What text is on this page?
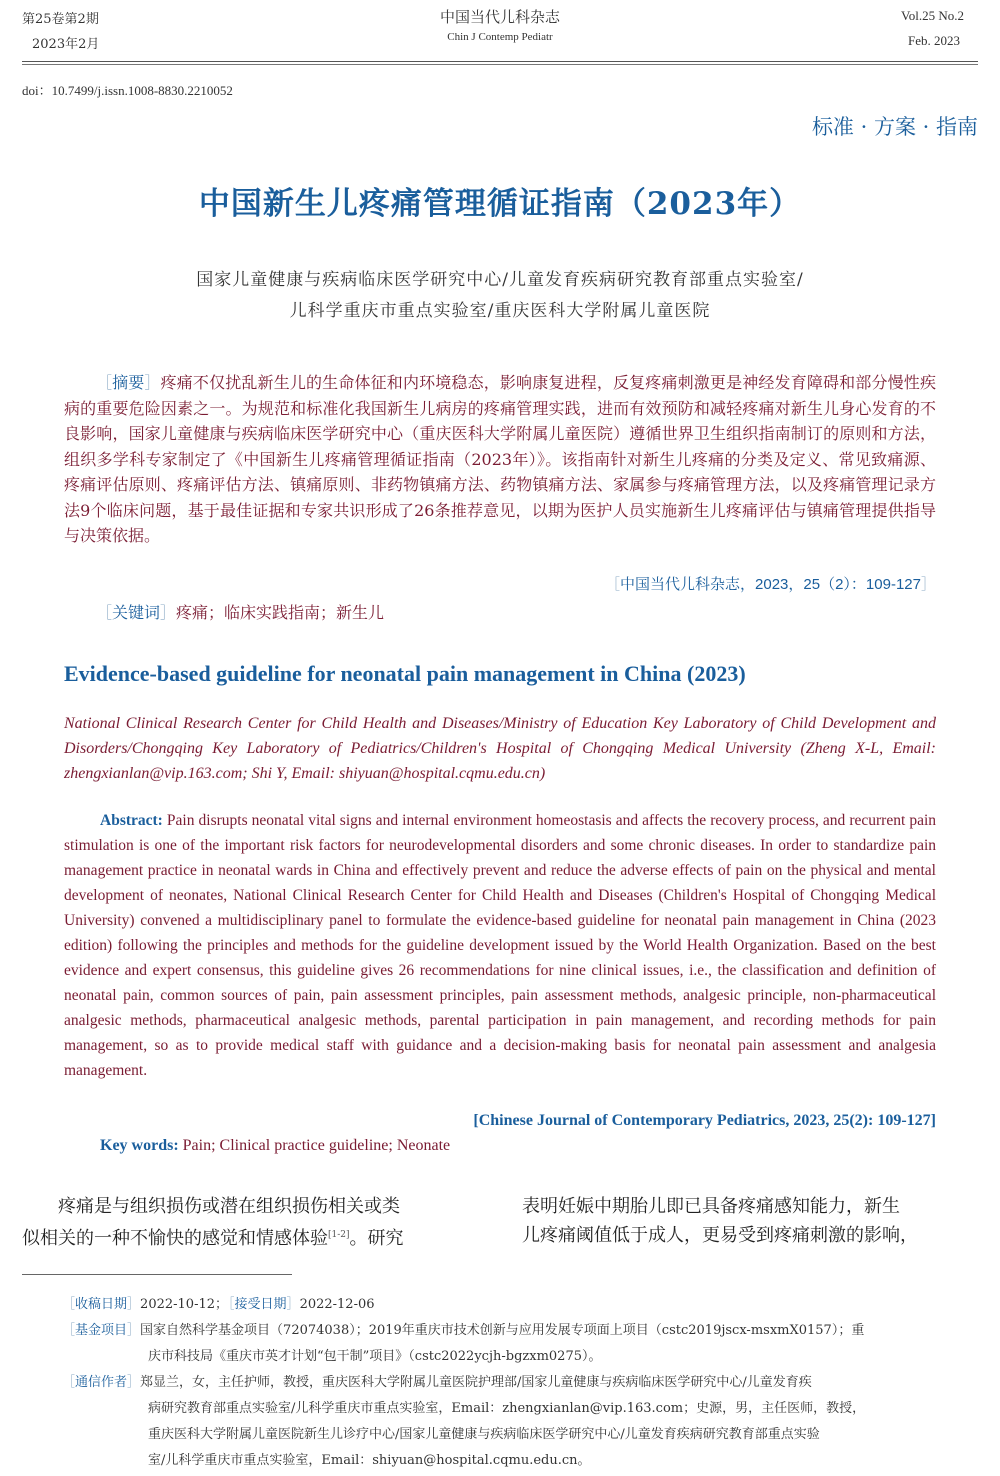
第25卷第2期
2023年2月
中国当代儿科杂志
Chin J Contemp Pediatr
Vol.25 No.2
Feb. 2023
doi：10.7499/j.issn.1008-8830.2210052
标准 · 方案 · 指南
中国新生儿疼痛管理循证指南（2023年）
国家儿童健康与疾病临床医学研究中心/儿童发育疾病研究教育部重点实验室/
儿科学重庆市重点实验室/重庆医科大学附属儿童医院
［摘要］疼痛不仅扰乱新生儿的生命体征和内环境稳态，影响康复进程，反复疼痛刺激更是神经发育障碍和部分慢性疾病的重要危险因素之一。为规范和标准化我国新生儿病房的疼痛管理实践，进而有效预防和减轻疼痛对新生儿身心发育的不良影响，国家儿童健康与疾病临床医学研究中心（重庆医科大学附属儿童医院）遵循世界卫生组织指南制订的原则和方法，组织多学科专家制定了《中国新生儿疼痛管理循证指南（2023年）》。该指南针对新生儿疼痛的分类及定义、常见致痛源、疼痛评估原则、疼痛评估方法、镇痛原则、非药物镇痛方法、药物镇痛方法、家属参与疼痛管理方法，以及疼痛管理记录方法9个临床问题，基于最佳证据和专家共识形成了26条推荐意见，以期为医护人员实施新生儿疼痛评估与镇痛管理提供指导与决策依据。
［中国当代儿科杂志，2023，25（2）：109-127］
［关键词］疼痛；临床实践指南；新生儿
Evidence-based guideline for neonatal pain management in China (2023)
National Clinical Research Center for Child Health and Diseases/Ministry of Education Key Laboratory of Child Development and Disorders/Chongqing Key Laboratory of Pediatrics/Children's Hospital of Chongqing Medical University (Zheng X-L, Email: zhengxianlan@vip.163.com; Shi Y, Email: shiyuan@hospital.cqmu.edu.cn)
Abstract: Pain disrupts neonatal vital signs and internal environment homeostasis and affects the recovery process, and recurrent pain stimulation is one of the important risk factors for neurodevelopmental disorders and some chronic diseases. In order to standardize pain management practice in neonatal wards in China and effectively prevent and reduce the adverse effects of pain on the physical and mental development of neonates, National Clinical Research Center for Child Health and Diseases (Children's Hospital of Chongqing Medical University) convened a multidisciplinary panel to formulate the evidence-based guideline for neonatal pain management in China (2023 edition) following the principles and methods for the guideline development issued by the World Health Organization. Based on the best evidence and expert consensus, this guideline gives 26 recommendations for nine clinical issues, i.e., the classification and definition of neonatal pain, common sources of pain, pain assessment principles, pain assessment methods, analgesic principle, non-pharmaceutical analgesic methods, pharmaceutical analgesic methods, parental participation in pain management, and recording methods for pain management, so as to provide medical staff with guidance and a decision-making basis for neonatal pain assessment and analgesia management.
[Chinese Journal of Contemporary Pediatrics, 2023, 25(2): 109-127]
Key words: Pain; Clinical practice guideline; Neonate
疼痛是与组织损伤或潜在组织损伤相关或类
似相关的一种不愉快的感觉和情感体验[1-2]。研究
表明妊娠中期胎儿即已具备疼痛感知能力，新生
儿疼痛阈值低于成人，更易受到疼痛刺激的影响，
［收稿日期］2022-10-12；［接受日期］2022-12-06
［基金项目］国家自然科学基金项目（72074038）；2019年重庆市技术创新与应用发展专项面上项目（cstc2019jscx-msxmX0157）；重
庆市科技局《重庆市英才计划“包干制”项目》（cstc2022ycjh-bgzxm0275）。
［通信作者］郑显兰，女，主任护师，教授，重庆医科大学附属儿童医院护理部/国家儿童健康与疾病临床医学研究中心/儿童发育疾
病研究教育部重点实验室/儿科学重庆市重点实验室，Email：zhengxianlan@vip.163.com；史源，男，主任医师，教授，
重庆医科大学附属儿童医院新生儿诊疗中心/国家儿童健康与疾病临床医学研究中心/儿童发育疾病研究教育部重点实验
室/儿科学重庆市重点实验室，Email：shiyuan@hospital.cqmu.edu.cn。
